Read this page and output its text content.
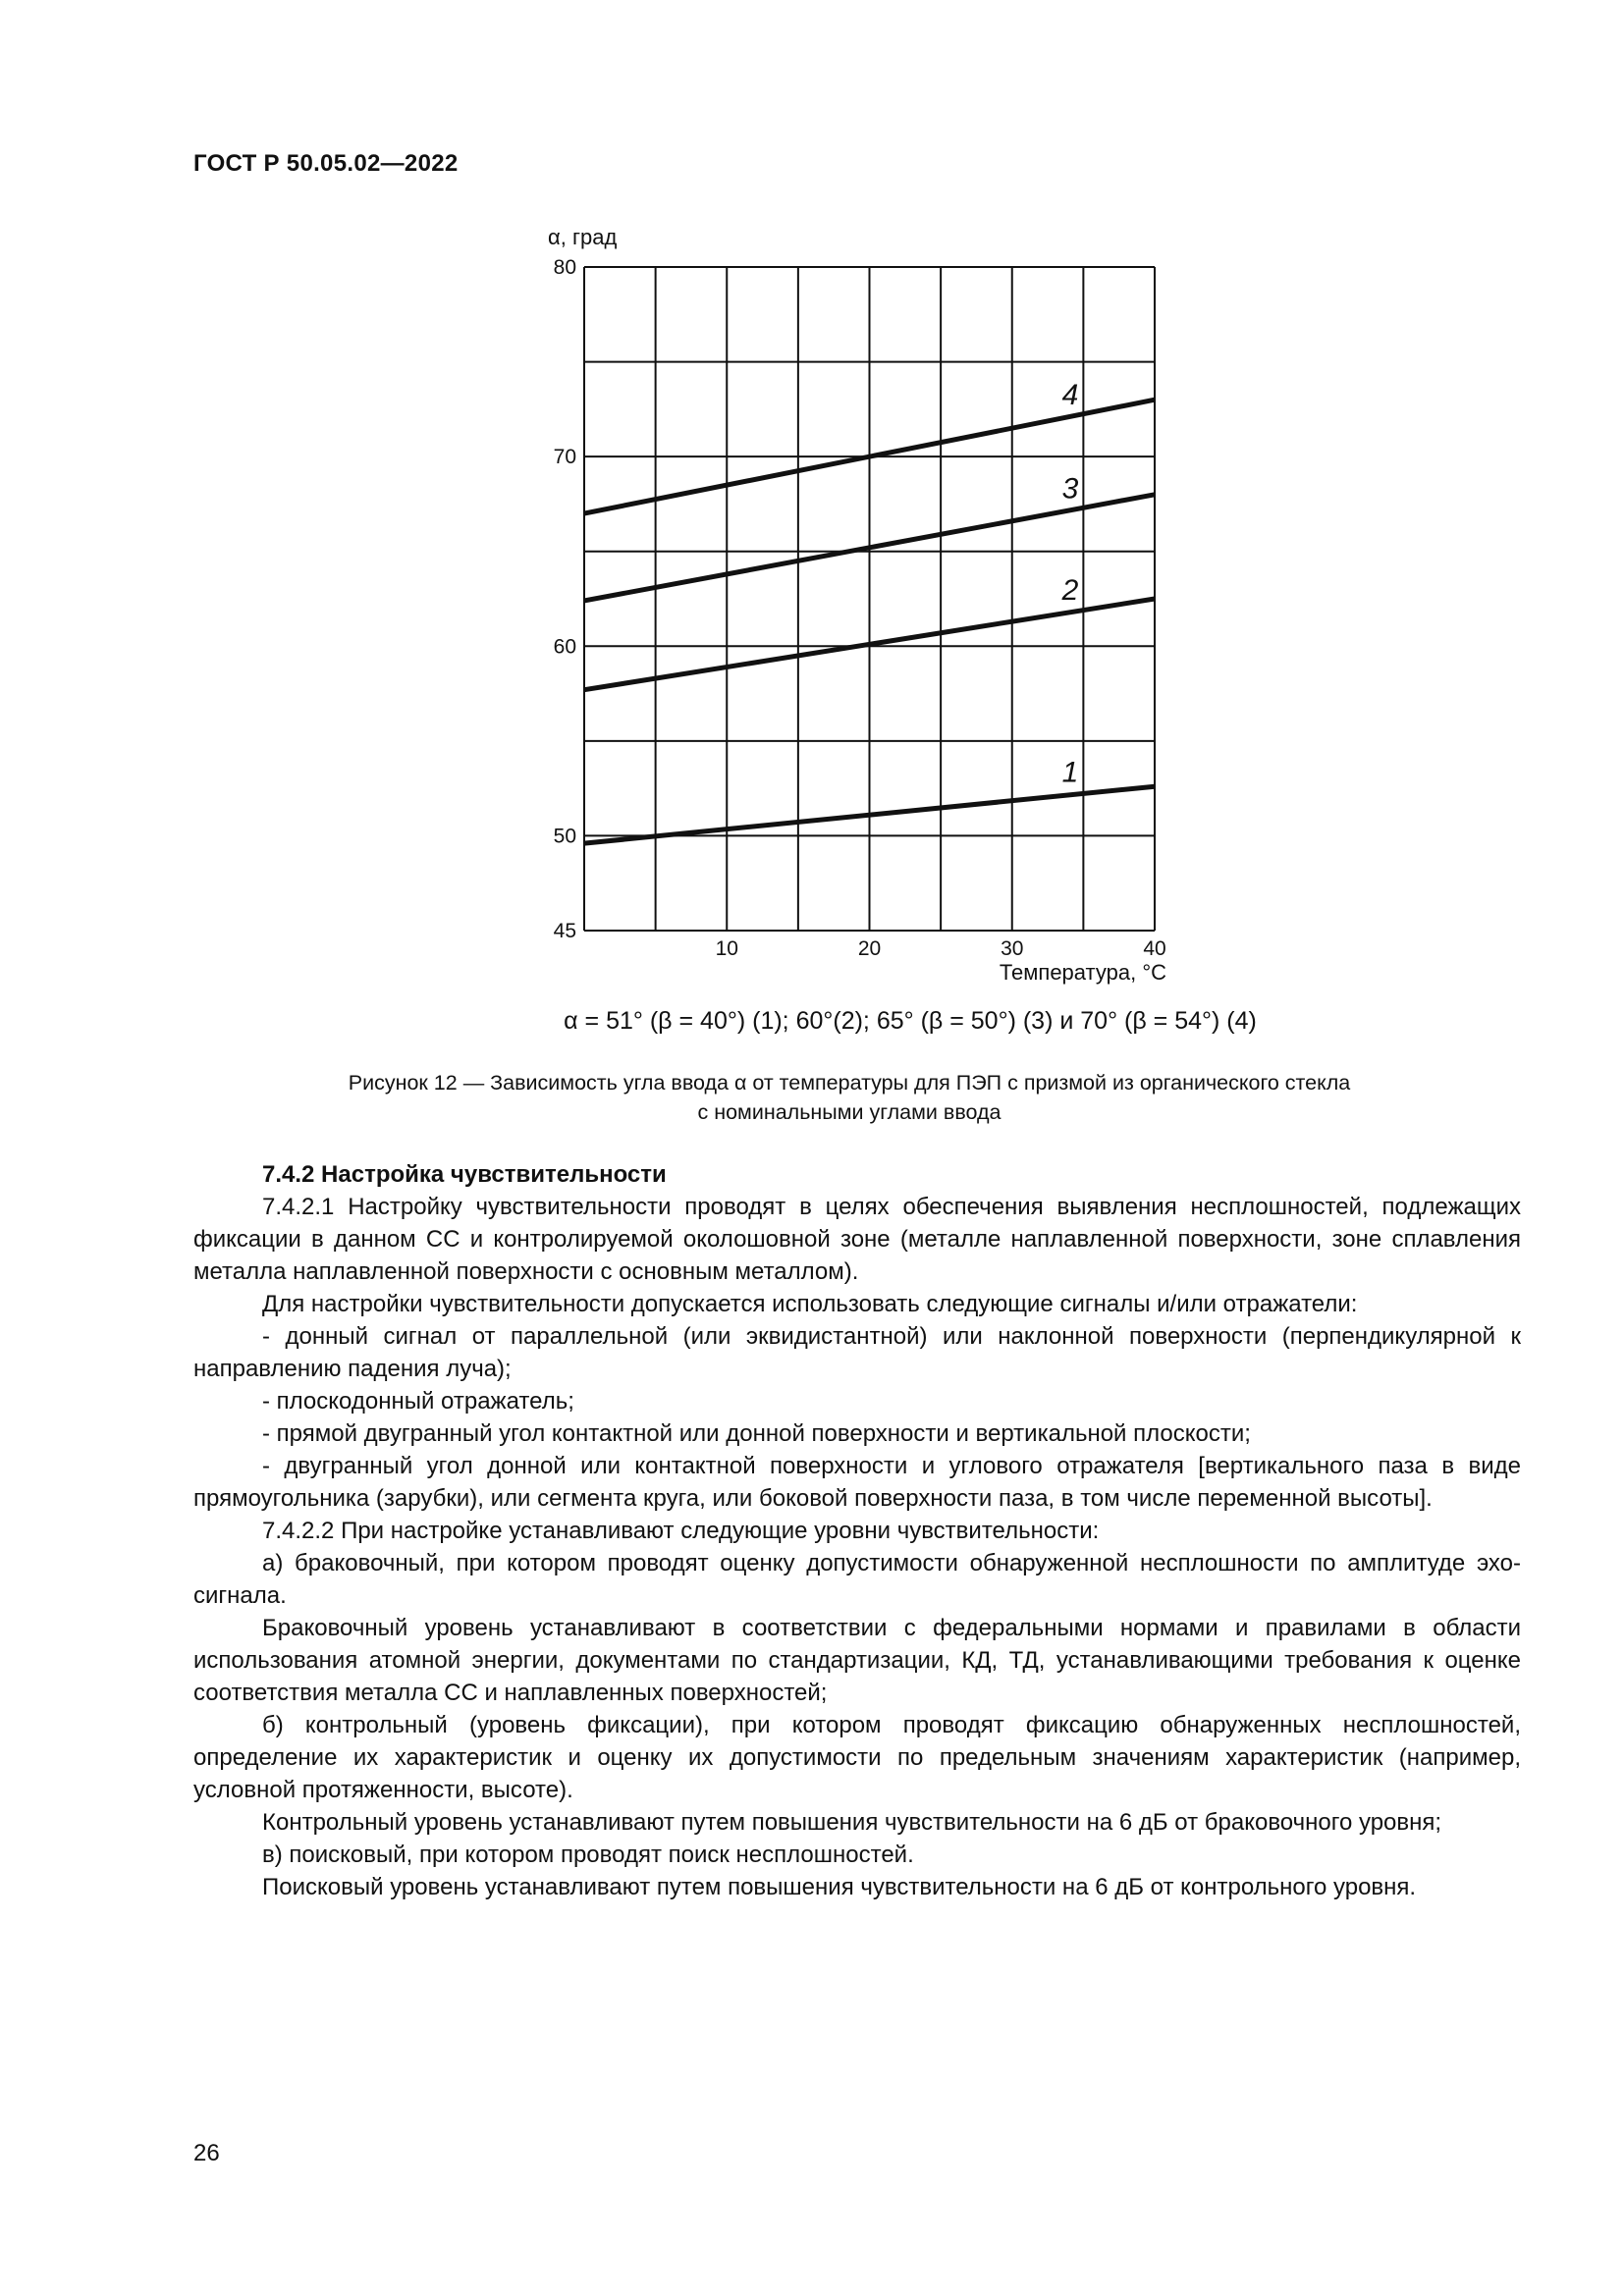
ГОСТ Р 50.05.02—2022
45
50
60
70
80
10	20	30	40
α, град
Температура, °С
1
2
3
4
α = 51° (β = 40°) (1); 60°(2); 65° (β = 50°) (3) и 70° (β = 54°) (4)
Рисунок 12 — Зависимость угла ввода α от температуры для ПЭП с призмой из органического стекла
с номинальными углами ввода

7.4.2 Настройка чувствительности

7.4.2.1 Настройку чувствительности проводят в целях обеспечения выявления несплошностей, подлежащих фиксации в данном СС и контролируемой околошовной зоне (металле наплавленной поверхности, зоне сплавления металла наплавленной поверхности с основным металлом).

Для настройки чувствительности допускается использовать следующие сигналы и/или отражатели:

- донный сигнал от параллельной (или эквидистантной) или наклонной поверхности (перпендикулярной к направлению падения луча);

- плоскодонный отражатель;

- прямой двугранный угол контактной или донной поверхности и вертикальной плоскости;

- двугранный угол донной или контактной поверхности и углового отражателя [вертикального паза в виде прямоугольника (зарубки), или сегмента круга, или боковой поверхности паза, в том числе переменной высоты].

7.4.2.2 При настройке устанавливают следующие уровни чувствительности:

а) браковочный, при котором проводят оценку допустимости обнаруженной несплошности по амплитуде эхо-сигнала.

Браковочный уровень устанавливают в соответствии с федеральными нормами и правилами в области использования атомной энергии, документами по стандартизации, КД, ТД, устанавливающими требования к оценке соответствия металла СС и наплавленных поверхностей;

б) контрольный (уровень фиксации), при котором проводят фиксацию обнаруженных несплошностей, определение их характеристик и оценку их допустимости по предельным значениям характеристик (например, условной протяженности, высоте).

Контрольный уровень устанавливают путем повышения чувствительности на 6 дБ от браковочного уровня;

в) поисковый, при котором проводят поиск несплошностей.

Поисковый уровень устанавливают путем повышения чувствительности на 6 дБ от контрольного уровня.

26
